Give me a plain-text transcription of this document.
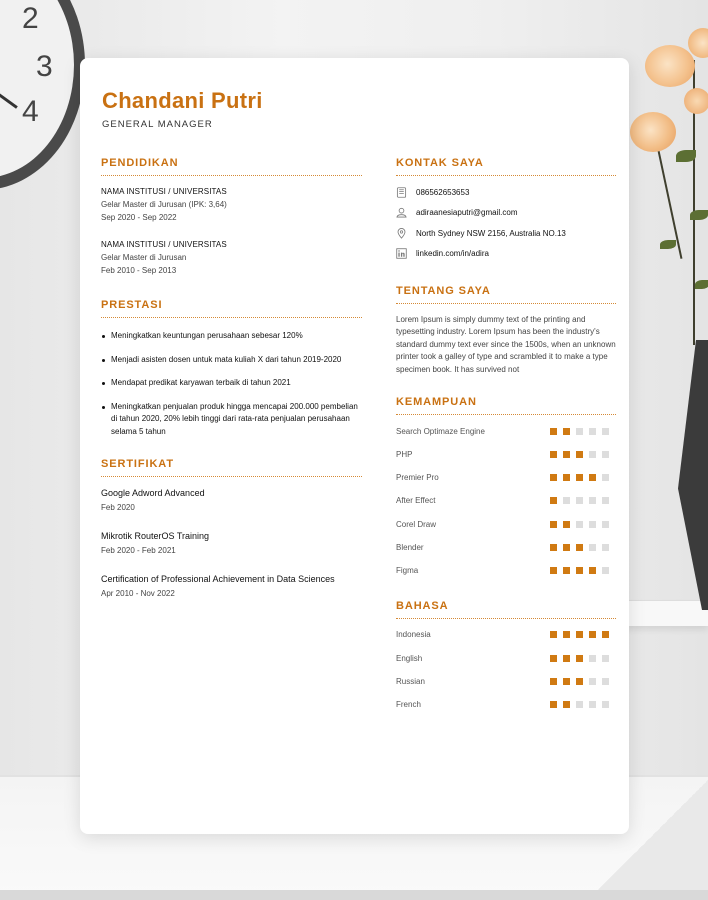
2
3
4	Chandani Putri
GENERAL MANAGER
PENDIDIKAN
NAMA INSTITUSI / UNIVERSITAS
Gelar Master di Jurusan (IPK: 3,64)
Sep 2020 - Sep 2022
NAMA INSTITUSI / UNIVERSITAS
Gelar Master di Jurusan
Feb 2010 - Sep 2013
PRESTASI
Meningkatkan keuntungan perusahaan sebesar 120%
Menjadi asisten dosen untuk mata kuliah X dari tahun 2019-2020
Mendapat predikat karyawan terbaik di tahun 2021
Meningkatkan penjualan produk hingga mencapai 200.000 pembelian di tahun 2020, 20% lebih tinggi dari rata-rata penjualan perusahaan selama 5 tahun
SERTIFIKAT
Google Adword Advanced
Feb 2020
Mikrotik RouterOS Training
Feb 2020 - Feb 2021
Certification of Professional Achievement in Data Sciences
Apr 2010 - Nov 2022
KONTAK SAYA
086562653653
adiraanesiaputri@gmail.com
North Sydney NSW 2156, Australia NO.13
linkedin.com/in/adira
TENTANG SAYA
Lorem Ipsum is simply dummy text of the printing and typesetting industry. Lorem Ipsum has been the industry's standard dummy text ever since the 1500s, when an unknown printer took a galley of type and scrambled it to make a type specimen book. It has survived not
KEMAMPUAN
Search Optimaze Engine
PHP
Premier Pro
After Effect
Corel Draw
Blender
Figma
BAHASA
Indonesia
English
Russian
French
